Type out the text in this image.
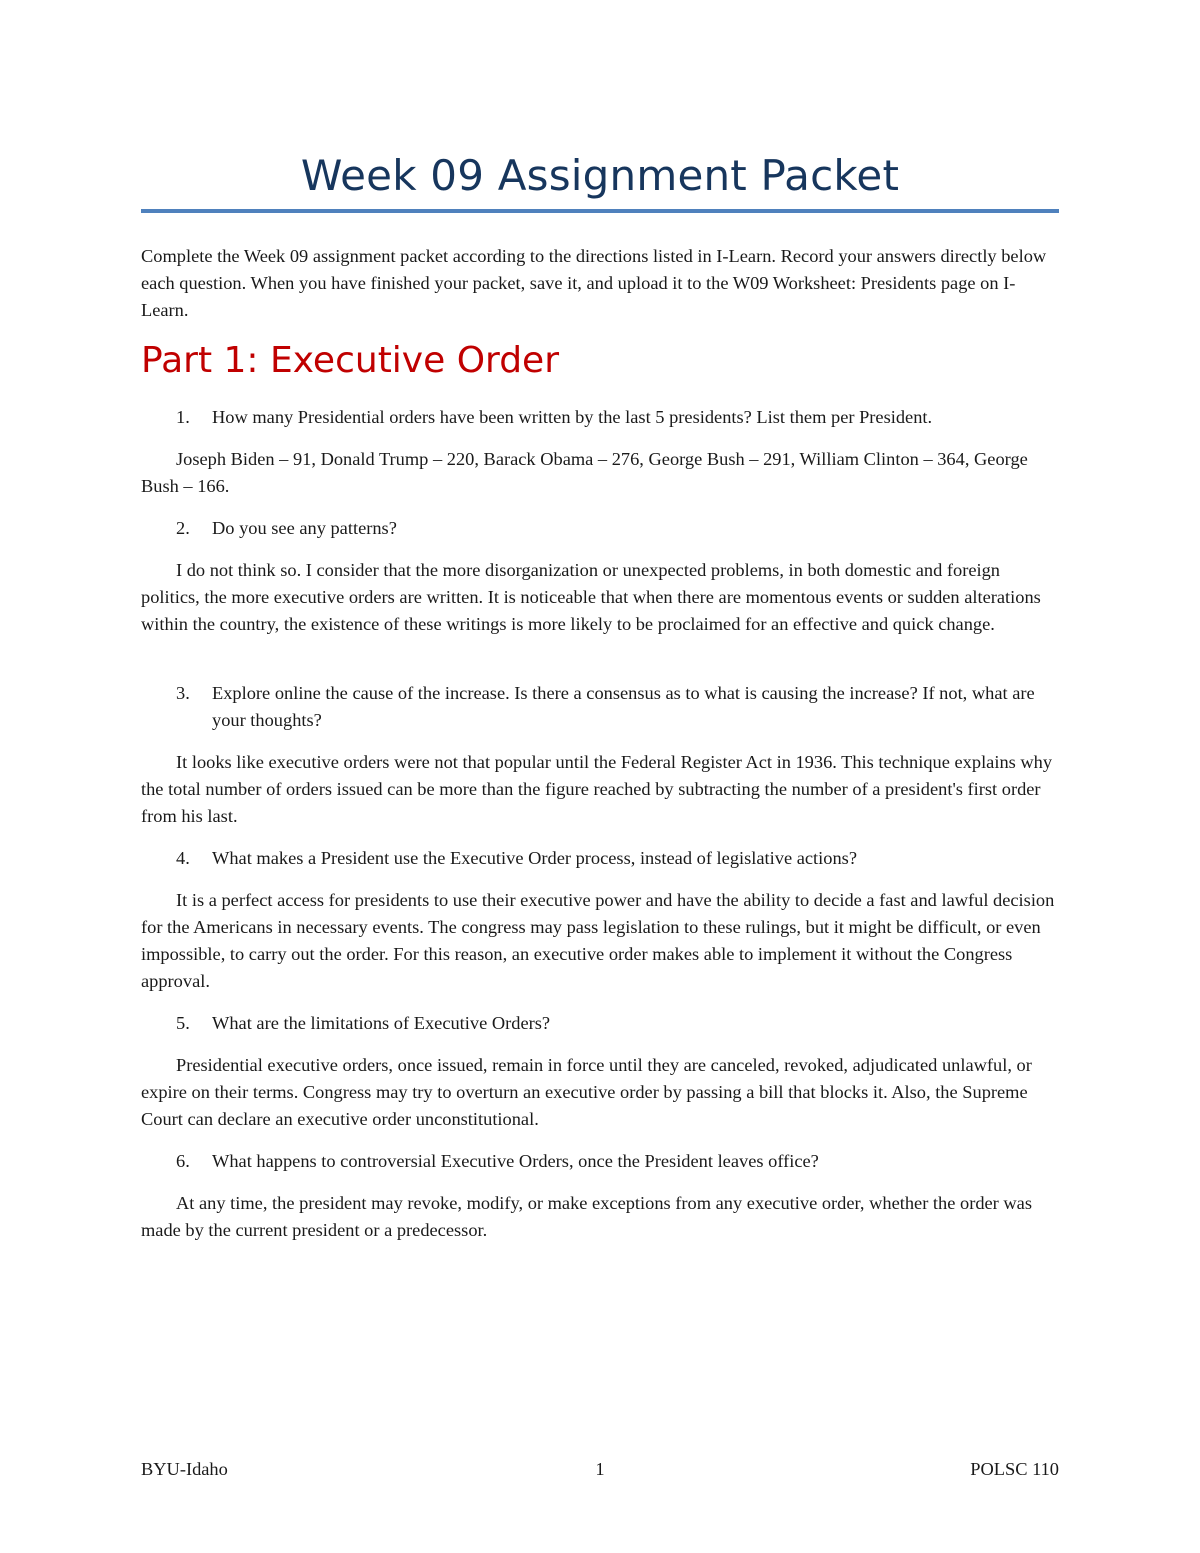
Week 09 Assignment Packet

Complete the Week 09 assignment packet according to the directions listed in I-Learn. Record your answers directly below each question. When you have finished your packet, save it, and upload it to the W09 Worksheet: Presidents page on I-Learn.

Part 1: Executive Order

1. How many Presidential orders have been written by the last 5 presidents? List them per President.

Joseph Biden – 91, Donald Trump – 220, Barack Obama – 276, George Bush – 291, William Clinton – 364, George Bush – 166.

2. Do you see any patterns?

I do not think so. I consider that the more disorganization or unexpected problems, in both domestic and foreign politics, the more executive orders are written. It is noticeable that when there are momentous events or sudden alterations within the country, the existence of these writings is more likely to be proclaimed for an effective and quick change.

3. Explore online the cause of the increase. Is there a consensus as to what is causing the increase? If not, what are your thoughts?

It looks like executive orders were not that popular until the Federal Register Act in 1936. This technique explains why the total number of orders issued can be more than the figure reached by subtracting the number of a president's first order from his last.

4. What makes a President use the Executive Order process, instead of legislative actions?

It is a perfect access for presidents to use their executive power and have the ability to decide a fast and lawful decision for the Americans in necessary events. The congress may pass legislation to these rulings, but it might be difficult, or even impossible, to carry out the order. For this reason, an executive order makes able to implement it without the Congress approval.

5. What are the limitations of Executive Orders?

Presidential executive orders, once issued, remain in force until they are canceled, revoked, adjudicated unlawful, or expire on their terms. Congress may try to overturn an executive order by passing a bill that blocks it. Also, the Supreme Court can declare an executive order unconstitutional.

6. What happens to controversial Executive Orders, once the President leaves office?

At any time, the president may revoke, modify, or make exceptions from any executive order, whether the order was made by the current president or a predecessor.

BYU-Idaho	1	POLSC 110
